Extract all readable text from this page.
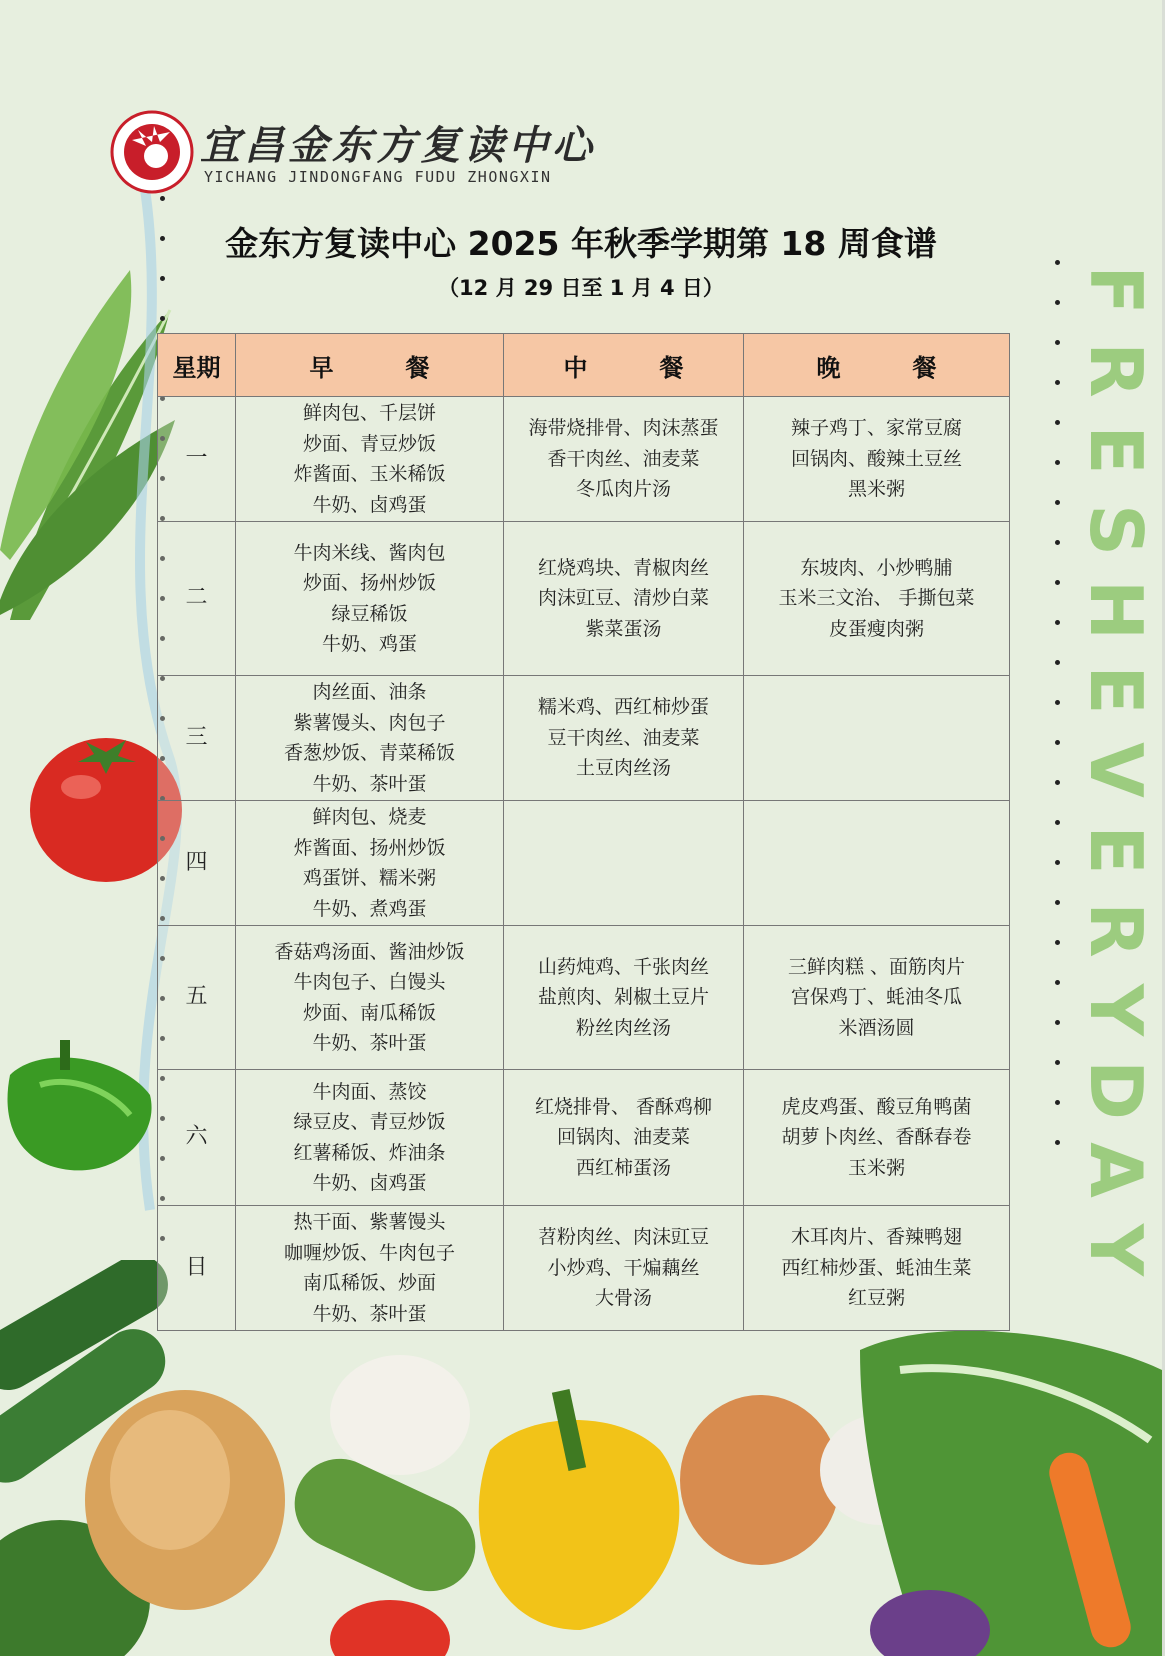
宜昌金东方复读中心
YICHANG JINDONGFANG FUDU ZHONGXIN
金东方复读中心 2025 年秋季学期第 18 周食谱
（12 月 29 日至 1 月 4 日）	F
R
E
S
H
E
V
E
R
Y
D
A
Y
星期	早　　　餐	中　　　餐	晚　　　餐
一	鲜肉包、千层饼
炒面、青豆炒饭
炸酱面、玉米稀饭
牛奶、卤鸡蛋	海带烧排骨、肉沫蒸蛋
香干肉丝、油麦菜
冬瓜肉片汤	辣子鸡丁、家常豆腐
回锅肉、酸辣土豆丝
黑米粥

二	牛肉米线、酱肉包
炒面、扬州炒饭
绿豆稀饭
牛奶、鸡蛋	红烧鸡块、青椒肉丝
肉沫豇豆、清炒白菜
紫菜蛋汤	东坡肉、小炒鸭脯
玉米三文治、 手撕包菜
皮蛋瘦肉粥

三	肉丝面、油条
紫薯馒头、肉包子
香葱炒饭、青菜稀饭
牛奶、茶叶蛋	糯米鸡、西红柿炒蛋
豆干肉丝、油麦菜
土豆肉丝汤	

四	鲜肉包、烧麦
炸酱面、扬州炒饭
鸡蛋饼、糯米粥
牛奶、煮鸡蛋		

五	香菇鸡汤面、酱油炒饭
牛肉包子、白馒头
炒面、南瓜稀饭
牛奶、茶叶蛋	山药炖鸡、千张肉丝
盐煎肉、剁椒土豆片
粉丝肉丝汤	三鲜肉糕 、面筋肉片
宫保鸡丁、蚝油冬瓜
米酒汤圆

六	牛肉面、蒸饺
绿豆皮、青豆炒饭
红薯稀饭、炸油条
牛奶、卤鸡蛋	红烧排骨、 香酥鸡柳
回锅肉、油麦菜
西红柿蛋汤	虎皮鸡蛋、酸豆角鸭菌
胡萝卜肉丝、香酥春卷
玉米粥

日	热干面、紫薯馒头
咖喱炒饭、牛肉包子
南瓜稀饭、炒面
牛奶、茶叶蛋	苕粉肉丝、肉沫豇豆
小炒鸡、干煸藕丝
大骨汤	木耳肉片、香辣鸭翅
西红柿炒蛋、蚝油生菜
红豆粥
